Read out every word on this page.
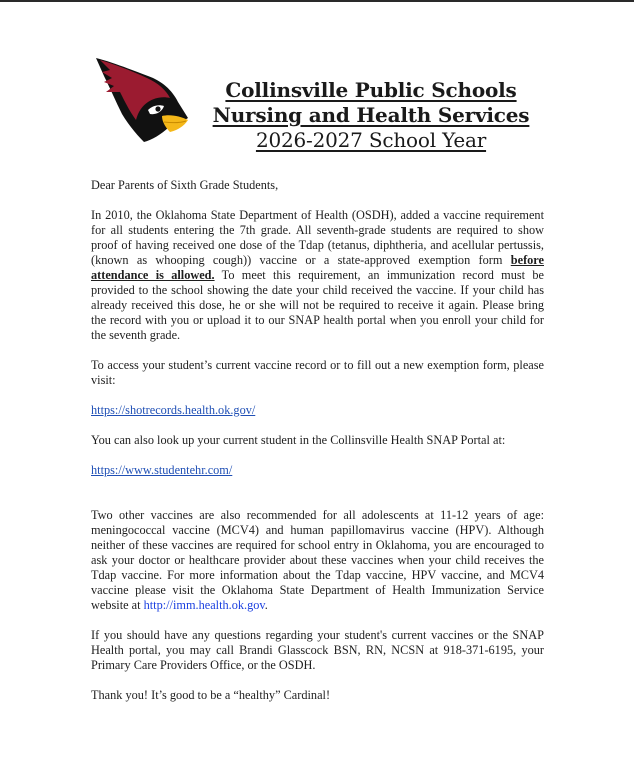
Collinsville Public Schools
Nursing and Health Services
2026-2027 School Year

Dear Parents of Sixth Grade Students,

In 2010, the Oklahoma State Department of Health (OSDH), added a vaccine requirement for all students entering the 7th grade. All seventh-grade students are required to show proof of having received one dose of the Tdap (tetanus, diphtheria, and acellular pertussis, (known as whooping cough)) vaccine or a state-approved exemption form before attendance is allowed. To meet this requirement, an immunization record must be provided to the school showing the date your child received the vaccine. If your child has already received this dose, he or she will not be required to receive it again. Please bring the record with you or upload it to our SNAP health portal when you enroll your child for the seventh grade.

To access your student’s current vaccine record or to fill out a new exemption form, please visit:

https://shotrecords.health.ok.gov/

You can also look up your current student in the Collinsville Health SNAP Portal at:

https://www.studentehr.com/

Two other vaccines are also recommended for all adolescents at 11-12 years of age: meningococcal vaccine (MCV4) and human papillomavirus vaccine (HPV). Although neither of these vaccines are required for school entry in Oklahoma, you are encouraged to ask your doctor or healthcare provider about these vaccines when your child receives the Tdap vaccine. For more information about the Tdap vaccine, HPV vaccine, and MCV4 vaccine please visit the Oklahoma State Department of Health Immunization Service website at http://imm.health.ok.gov.

If you should have any questions regarding your student's current vaccines or the SNAP Health portal, you may call Brandi Glasscock BSN, RN, NCSN at 918-371-6195, your Primary Care Providers Office, or the OSDH.

Thank you! It’s good to be a “healthy” Cardinal!
